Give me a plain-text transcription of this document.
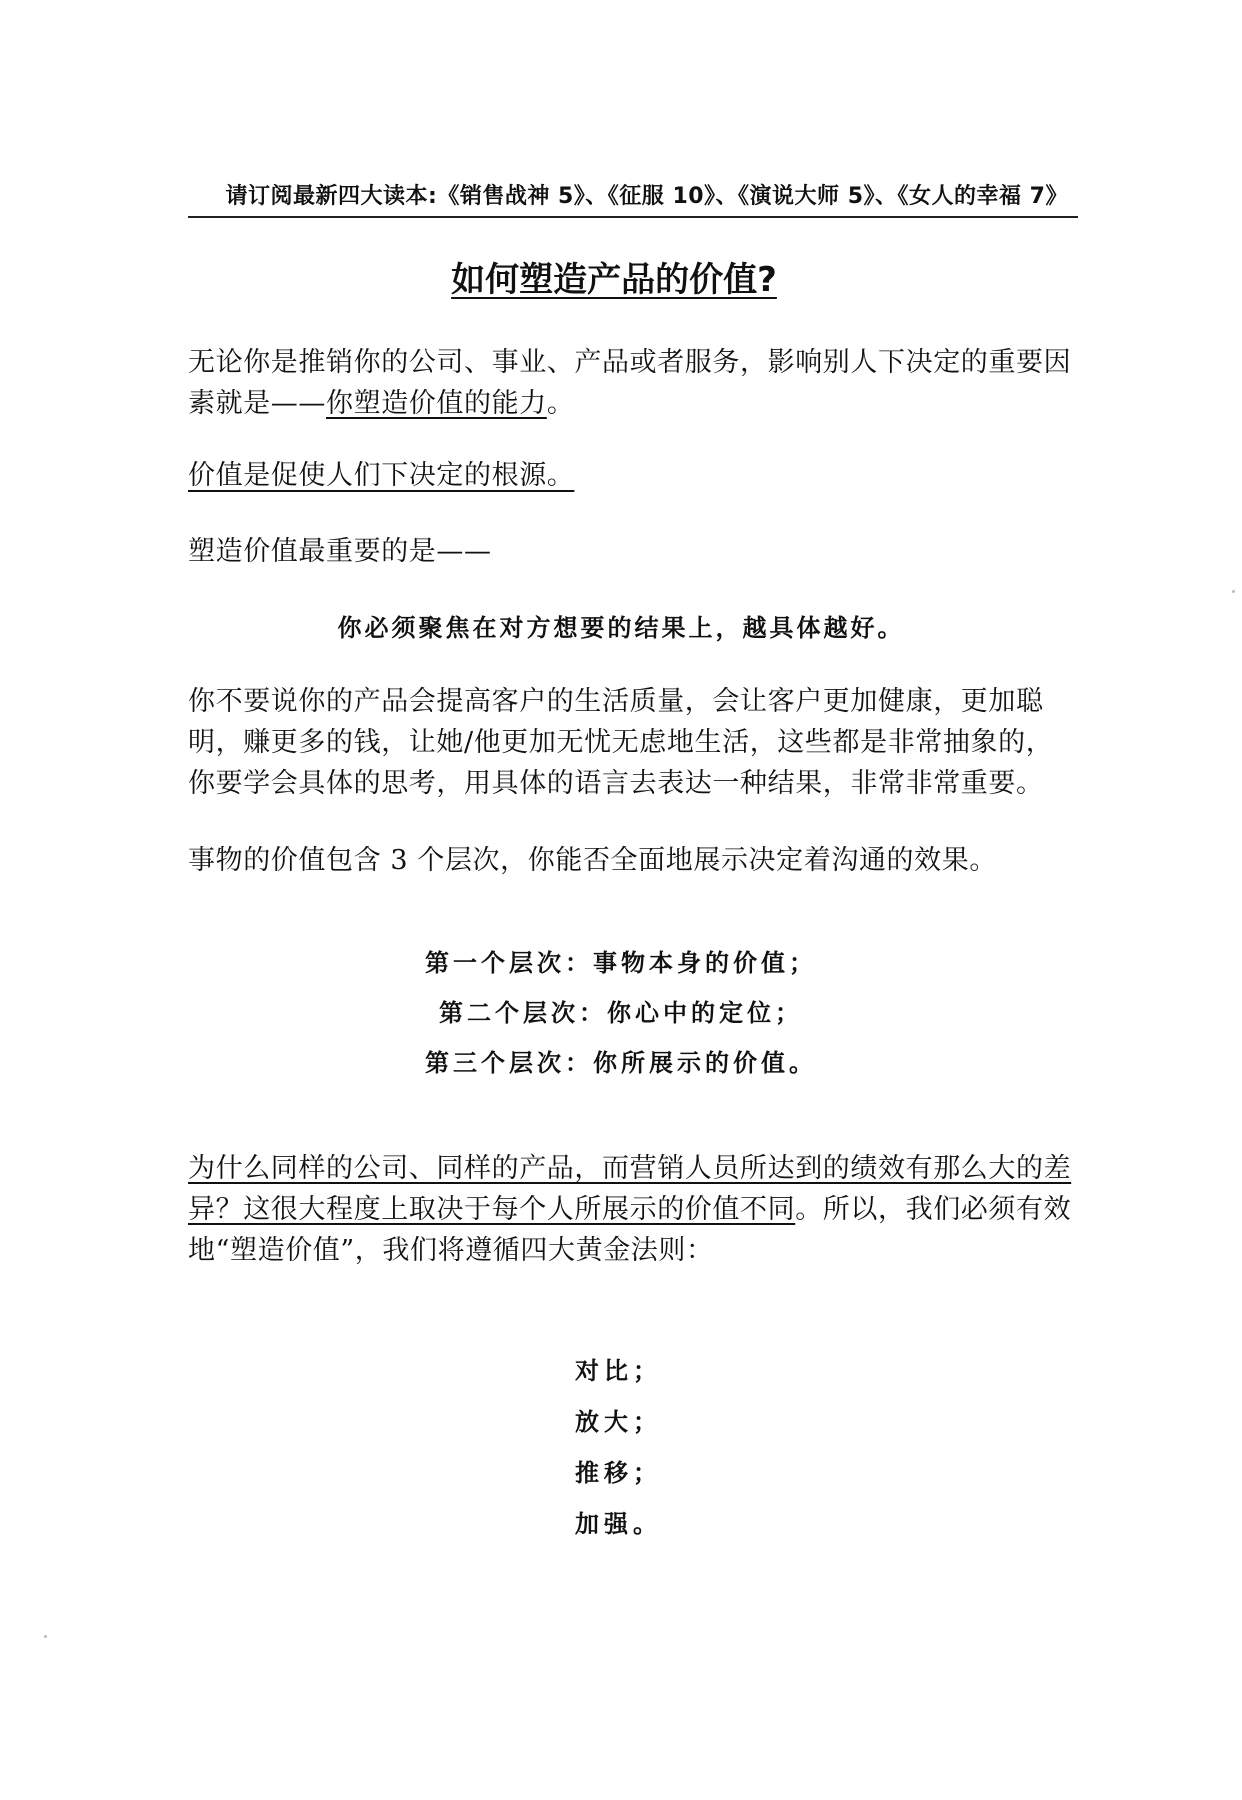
请订阅最新四大读本:《销售战神 5》、《征服 10》、《演说大师 5》、《女人的幸福 7》
如何塑造产品的价值?

无论你是推销你的公司、事业、产品或者服务，影响别人下决定的重要因素就是——你塑造价值的能力。

价值是促使人们下决定的根源。

塑造价值最重要的是——

你必须聚焦在对方想要的结果上，越具体越好。

你不要说你的产品会提高客户的生活质量，会让客户更加健康，更加聪明，赚更多的钱，让她/他更加无忧无虑地生活，这些都是非常抽象的，你要学会具体的思考，用具体的语言去表达一种结果，非常非常重要。

事物的价值包含 3 个层次，你能否全面地展示决定着沟通的效果。

第一个层次：事物本身的价值；
第二个层次：你心中的定位；
第三个层次：你所展示的价值。

为什么同样的公司、同样的产品，而营销人员所达到的绩效有那么大的差异？这很大程度上取决于每个人所展示的价值不同。所以，我们必须有效地“塑造价值”，我们将遵循四大黄金法则：

对比；
放大；
推移；
加强。
